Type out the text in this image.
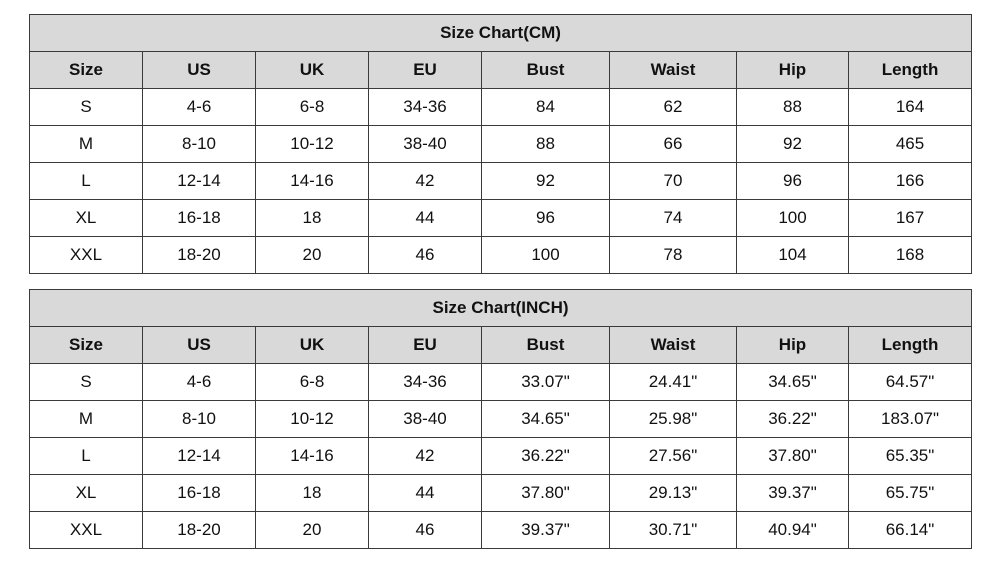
Size Chart(CM)							
Size	US	UK	EU	Bust	Waist	Hip	Length
S	4-6	6-8	34-36	84	62	88	164
M	8-10	10-12	38-40	88	66	92	465
L	12-14	14-16	42	92	70	96	166
XL	16-18	18	44	96	74	100	167
XXL	18-20	20	46	100	78	104	168
Size Chart(INCH)							
Size	US	UK	EU	Bust	Waist	Hip	Length
S	4-6	6-8	34-36	33.07"	24.41"	34.65"	64.57"
M	8-10	10-12	38-40	34.65"	25.98"	36.22"	183.07"
L	12-14	14-16	42	36.22"	27.56"	37.80"	65.35"
XL	16-18	18	44	37.80"	29.13"	39.37"	65.75"
XXL	18-20	20	46	39.37"	30.71"	40.94"	66.14"
